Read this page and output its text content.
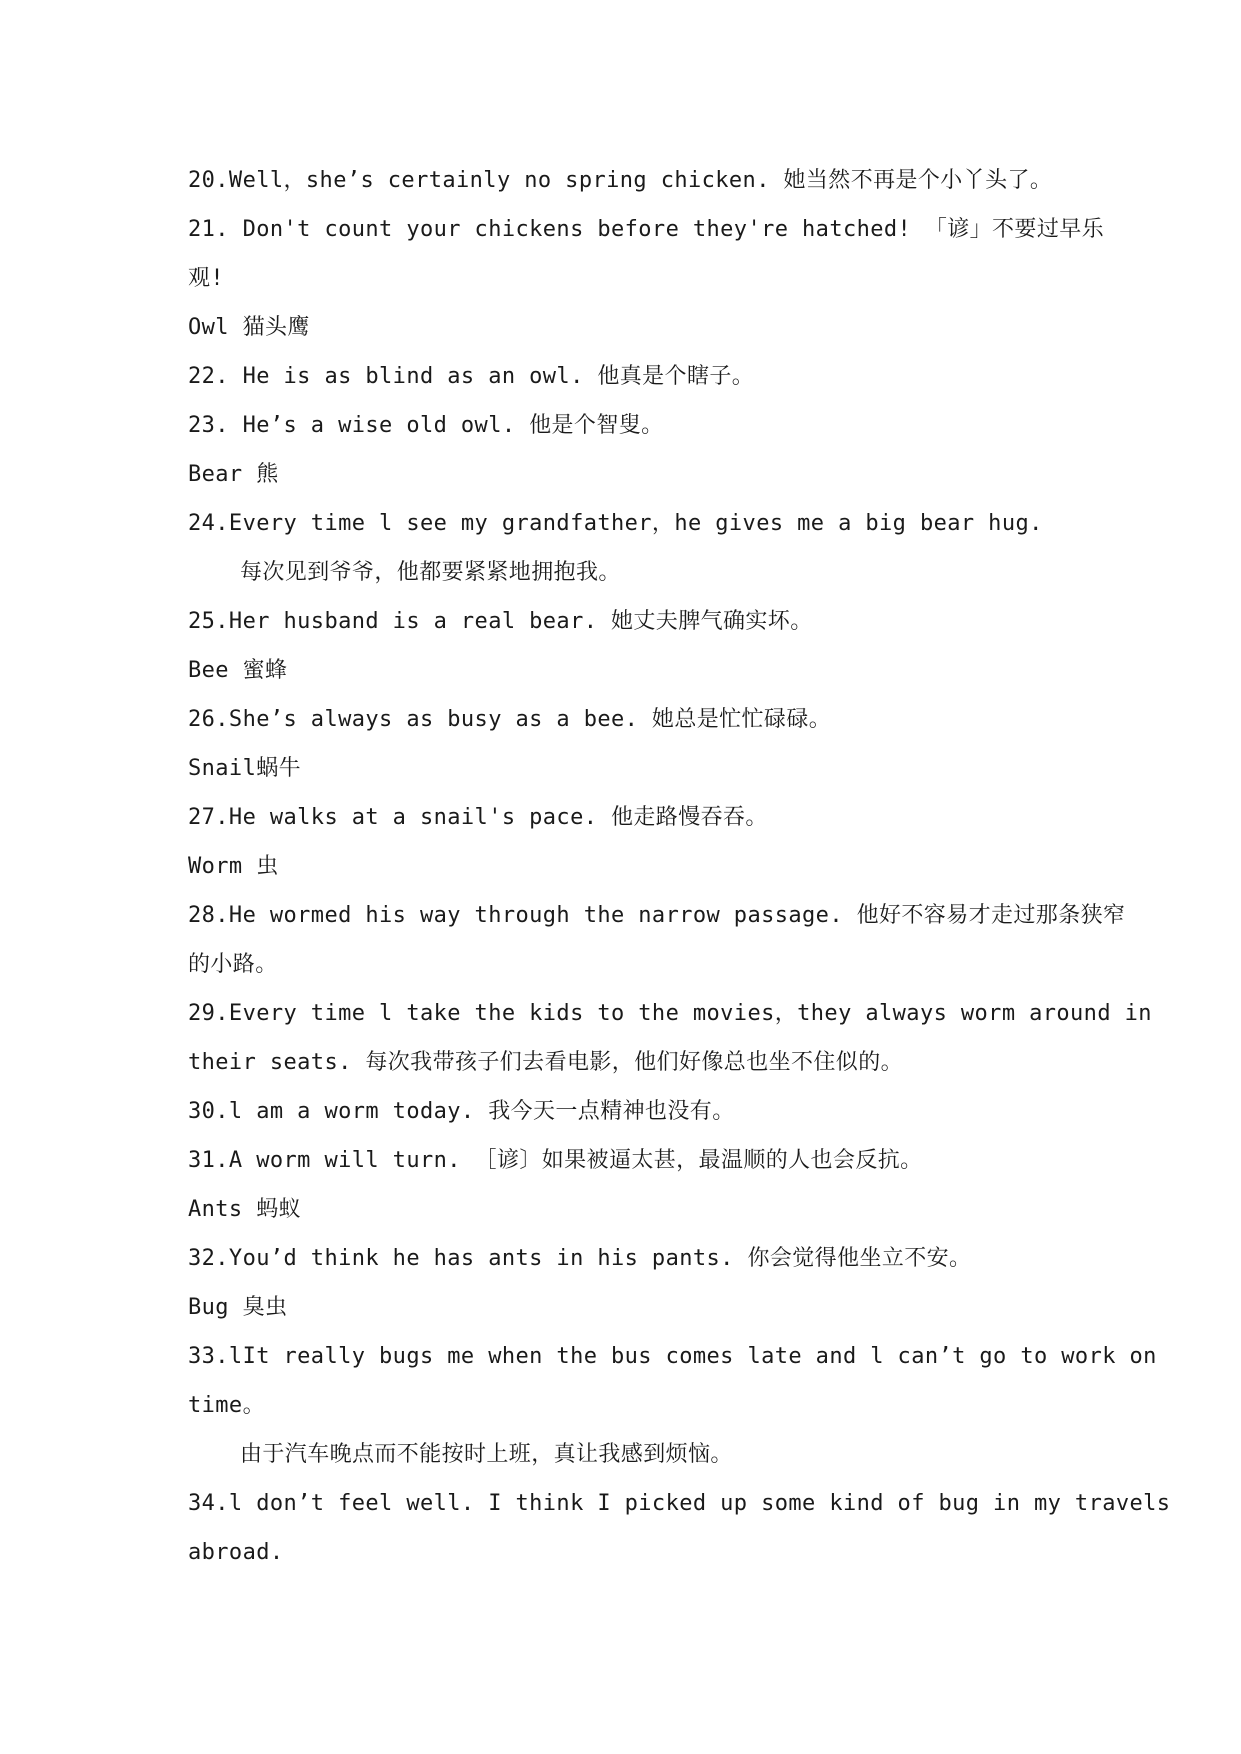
20.Well，she’s certainly no spring chicken. 她当然不再是个小丫头了。
21. Don't count your chickens before they're hatched! 「谚」不要过早乐
观!
Owl 猫头鹰
22. He is as blind as an owl. 他真是个瞎子。
23. He’s a wise old owl. 他是个智叟。
Bear 熊
24.Every time l see my grandfather，he gives me a big bear hug.
每次见到爷爷，他都要紧紧地拥抱我。
25.Her husband is a real bear. 她丈夫脾气确实坏。
Bee 蜜蜂
26.She’s always as busy as a bee. 她总是忙忙碌碌。
Snail蜗牛
27.He walks at a snail's pace. 他走路慢吞吞。
Worm 虫
28.He wormed his way through the narrow passage. 他好不容易才走过那条狭窄
的小路。
29.Every time l take the kids to the movies，they always worm around in
their seats. 每次我带孩子们去看电影，他们好像总也坐不住似的。
30.l am a worm today. 我今天一点精神也没有。
31.A worm will turn. ［谚〕如果被逼太甚，最温顺的人也会反抗。
Ants 蚂蚁
32.You’d think he has ants in his pants. 你会觉得他坐立不安。
Bug 臭虫
33.lIt really bugs me when the bus comes late and l can’t go to work on
time。
由于汽车晚点而不能按时上班，真让我感到烦恼。
34.l don’t feel well. I think I picked up some kind of bug in my travels
abroad.
